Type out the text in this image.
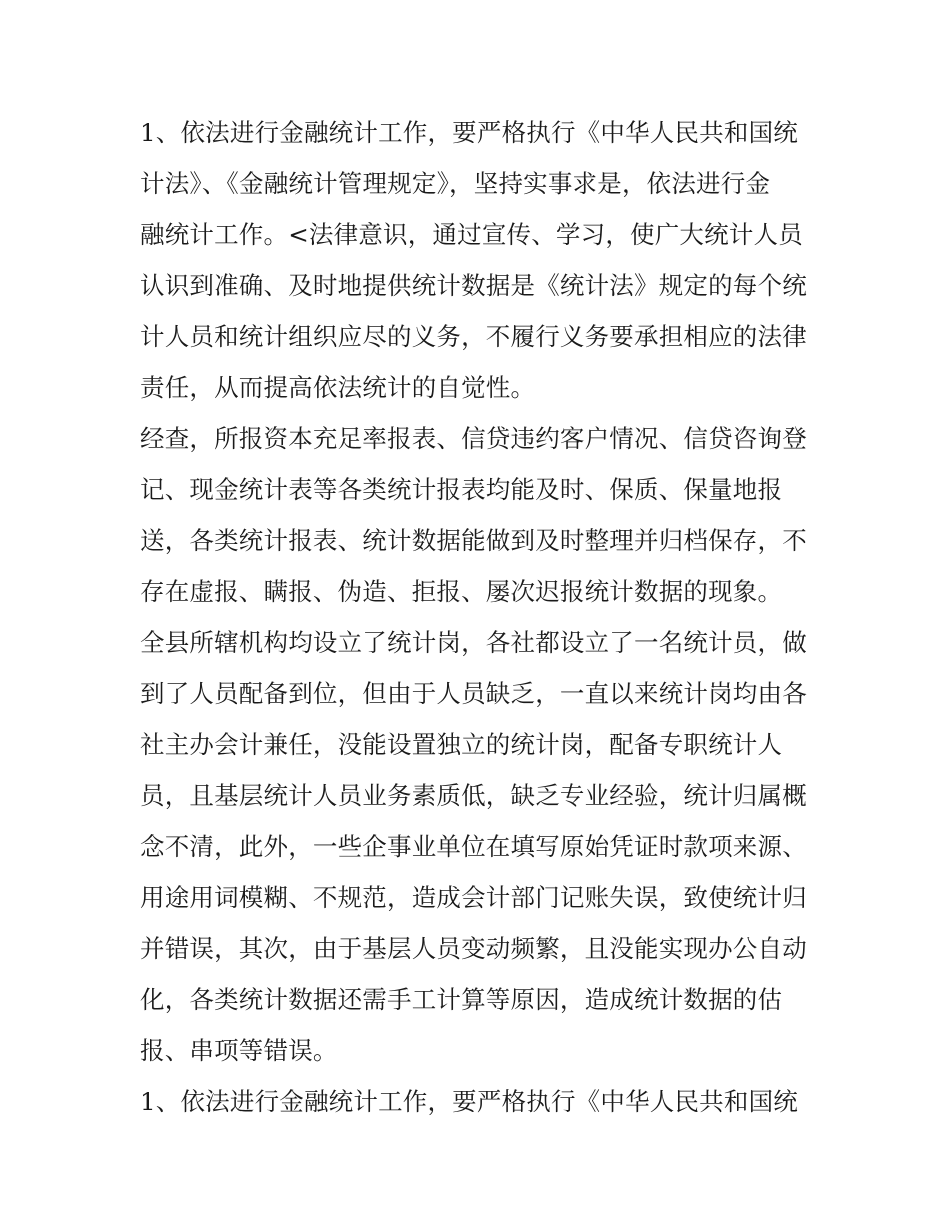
1、依法进行金融统计工作，要严格执行《中华人民共和国统
计法》、《金融统计管理规定》，坚持实事求是，依法进行金
融统计工作。<法律意识，通过宣传、学习，使广大统计人员
认识到准确、及时地提供统计数据是《统计法》规定的每个统
计人员和统计组织应尽的义务，不履行义务要承担相应的法律
责任，从而提高依法统计的自觉性。
经查，所报资本充足率报表、信贷违约客户情况、信贷咨询登
记、现金统计表等各类统计报表均能及时、保质、保量地报
送，各类统计报表、统计数据能做到及时整理并归档保存，不
存在虚报、瞒报、伪造、拒报、屡次迟报统计数据的现象。
全县所辖机构均设立了统计岗，各社都设立了一名统计员，做
到了人员配备到位，但由于人员缺乏，一直以来统计岗均由各
社主办会计兼任，没能设置独立的统计岗，配备专职统计人
员，且基层统计人员业务素质低，缺乏专业经验，统计归属概
念不清，此外，一些企事业单位在填写原始凭证时款项来源、
用途用词模糊、不规范，造成会计部门记账失误，致使统计归
并错误，其次，由于基层人员变动频繁，且没能实现办公自动
化，各类统计数据还需手工计算等原因，造成统计数据的估
报、串项等错误。
1、依法进行金融统计工作，要严格执行《中华人民共和国统
